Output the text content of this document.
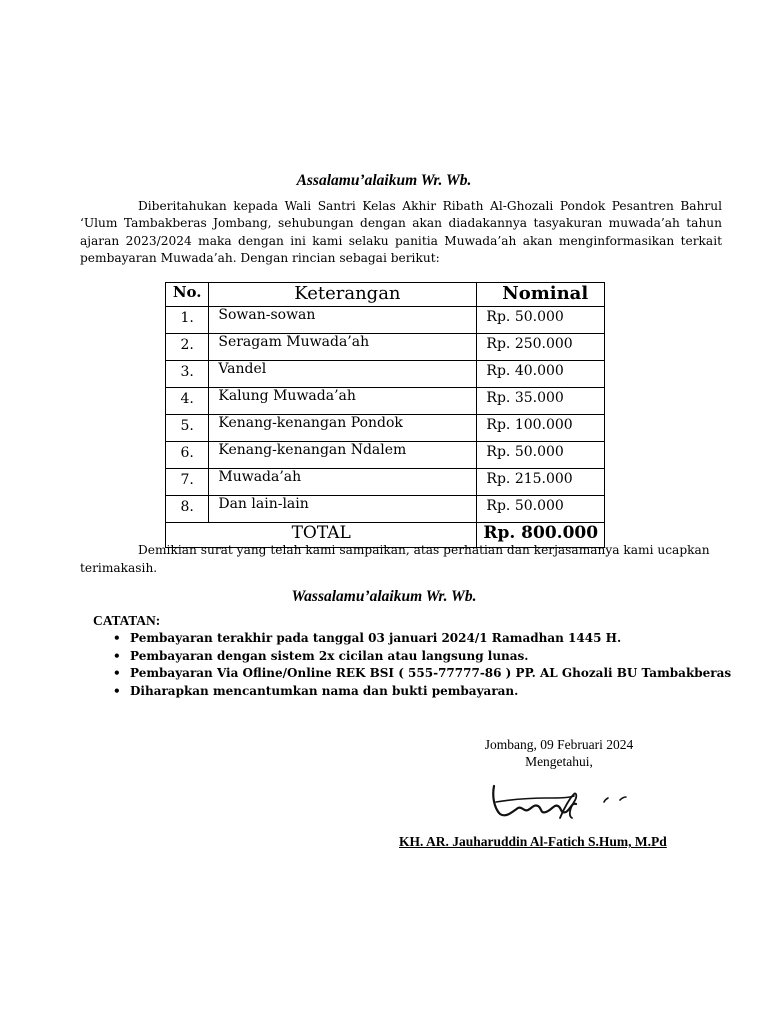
Assalamu’alaikum Wr. Wb.

Diberitahukan kepada Wali Santri Kelas Akhir Ribath Al-Ghozali Pondok Pesantren Bahrul ‘Ulum Tambakberas Jombang, sehubungan dengan akan diadakannya tasyakuran muwada’ah tahun ajaran 2023/2024 maka dengan ini kami selaku panitia Muwada’ah akan menginformasikan terkait pembayaran Muwada’ah. Dengan rincian sebagai berikut:

No.	Keterangan	Nominal
1.	Sowan-sowan	Rp. 50.000
2.	Seragam Muwada’ah	Rp. 250.000
3.	Vandel	Rp. 40.000
4.	Kalung Muwada’ah	Rp. 35.000
5.	Kenang-kenangan Pondok	Rp. 100.000
6.	Kenang-kenangan Ndalem	Rp. 50.000
7.	Muwada’ah	Rp. 215.000
8.	Dan lain-lain	Rp. 50.000
TOTAL		Rp. 800.000

Demikian surat yang telah kami sampaikan, atas perhatian dan kerjasamanya kami ucapkan terimakasih.

Wassalamu’alaikum Wr. Wb.
CATATAN:
• Pembayaran terakhir pada tanggal 03 januari 2024/1 Ramadhan 1445 H.
• Pembayaran dengan sistem 2x cicilan atau langsung lunas.
• Pembayaran Via Ofline/Online REK BSI ( 555-77777-86 ) PP. AL Ghozali BU Tambakberas
• Diharapkan mencantumkan nama dan bukti pembayaran.
Jombang, 09 Februari 2024
Mengetahui,
KH. AR. Jauharuddin Al-Fatich S.Hum, M.Pd
